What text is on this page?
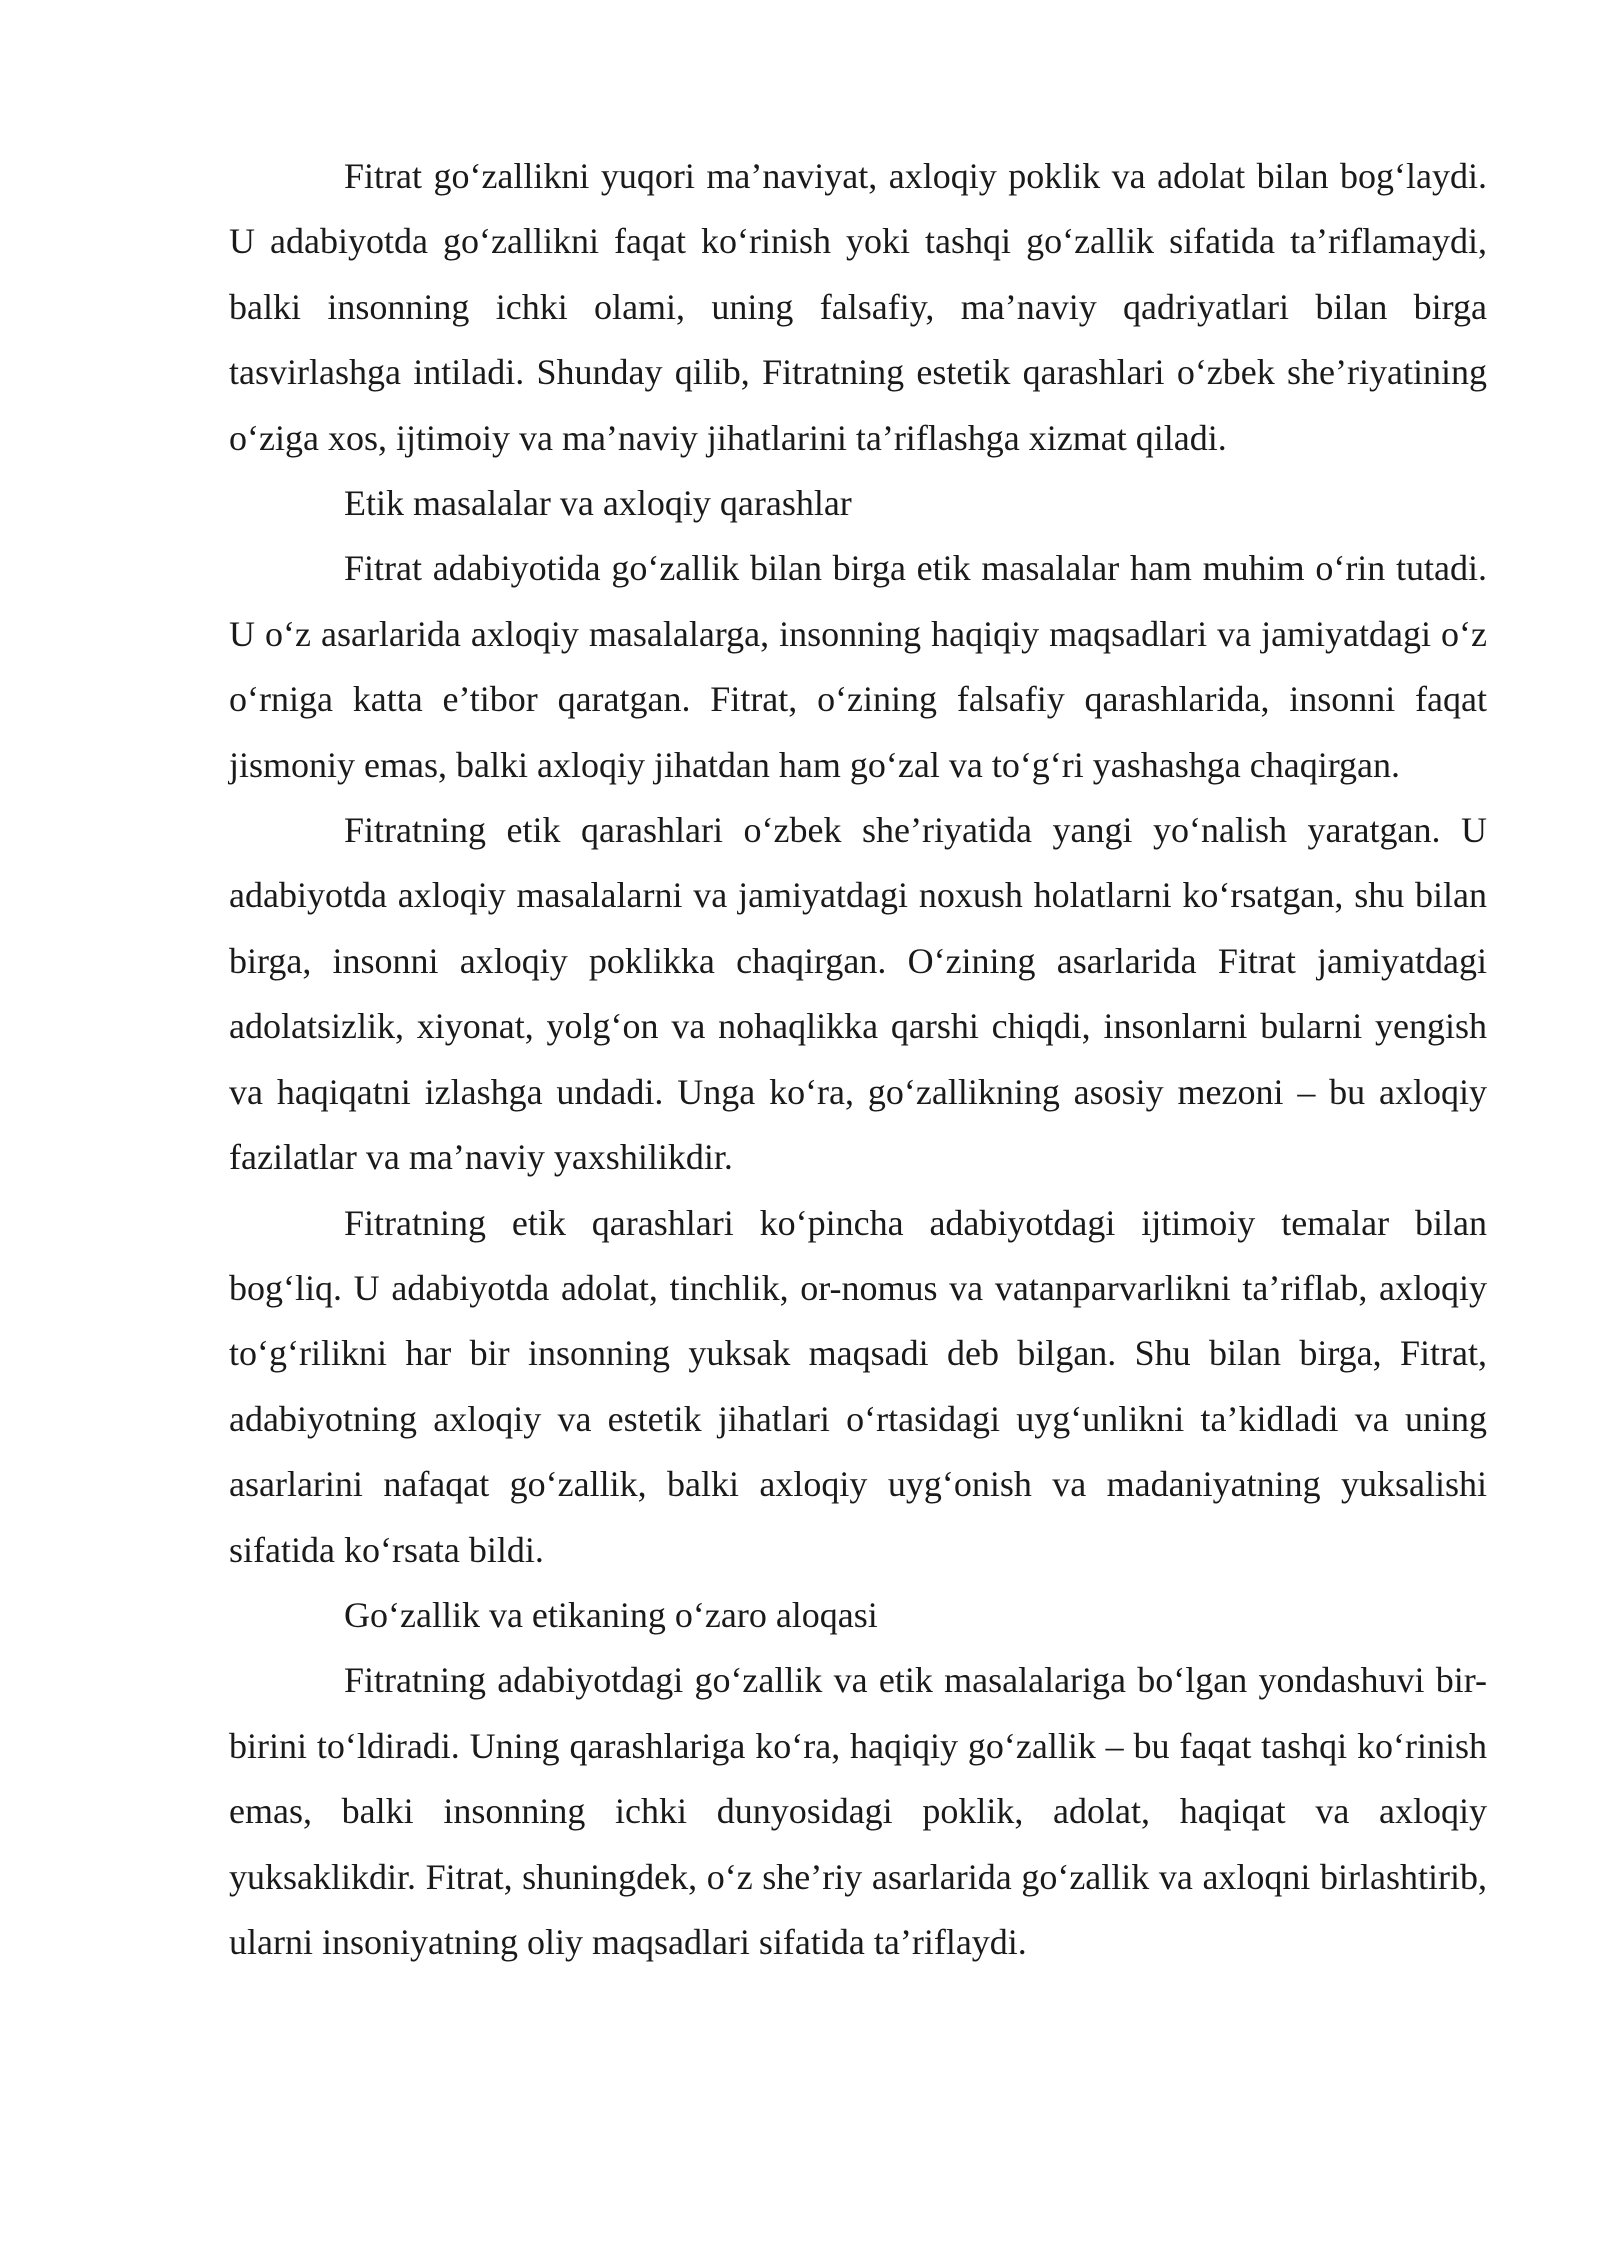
Fitrat go‘zallikni yuqori ma’naviyat, axloqiy poklik va adolat bilan bog‘laydi. U adabiyotda go‘zallikni faqat ko‘rinish yoki tashqi go‘zallik sifatida ta’riflamaydi, balki insonning ichki olami, uning falsafiy, ma’naviy qadriyatlari bilan birga tasvirlashga intiladi. Shunday qilib, Fitratning estetik qarashlari o‘zbek she’riyatining o‘ziga xos, ijtimoiy va ma’naviy jihatlarini ta’riflashga xizmat qiladi.

Etik masalalar va axloqiy qarashlar

Fitrat adabiyotida go‘zallik bilan birga etik masalalar ham muhim o‘rin tutadi. U o‘z asarlarida axloqiy masalalarga, insonning haqiqiy maqsadlari va jamiyatdagi o‘z o‘rniga katta e’tibor qaratgan. Fitrat, o‘zining falsafiy qarashlarida, insonni faqat jismoniy emas, balki axloqiy jihatdan ham go‘zal va to‘g‘ri yashashga chaqirgan.

Fitratning etik qarashlari o‘zbek she’riyatida yangi yo‘nalish yaratgan. U adabiyotda axloqiy masalalarni va jamiyatdagi noxush holatlarni ko‘rsatgan, shu bilan birga, insonni axloqiy poklikka chaqirgan. O‘zining asarlarida Fitrat jamiyatdagi adolatsizlik, xiyonat, yolg‘on va nohaqlikka qarshi chiqdi, insonlarni bularni yengish va haqiqatni izlashga undadi. Unga ko‘ra, go‘zallikning asosiy mezoni – bu axloqiy fazilatlar va ma’naviy yaxshilikdir.

Fitratning etik qarashlari ko‘pincha adabiyotdagi ijtimoiy temalar bilan bog‘liq. U adabiyotda adolat, tinchlik, or-nomus va vatanparvarlikni ta’riflab, axloqiy to‘g‘rilikni har bir insonning yuksak maqsadi deb bilgan. Shu bilan birga, Fitrat, adabiyotning axloqiy va estetik jihatlari o‘rtasidagi uyg‘unlikni ta’kidladi va uning asarlarini nafaqat go‘zallik, balki axloqiy uyg‘onish va madaniyatning yuksalishi sifatida ko‘rsata bildi.

Go‘zallik va etikaning o‘zaro aloqasi

Fitratning adabiyotdagi go‘zallik va etik masalalariga bo‘lgan yondashuvi bir-birini to‘ldiradi. Uning qarashlariga ko‘ra, haqiqiy go‘zallik – bu faqat tashqi ko‘rinish emas, balki insonning ichki dunyosidagi poklik, adolat, haqiqat va axloqiy yuksaklikdir. Fitrat, shuningdek, o‘z she’riy asarlarida go‘zallik va axloqni birlashtirib, ularni insoniyatning oliy maqsadlari sifatida ta’riflaydi.
